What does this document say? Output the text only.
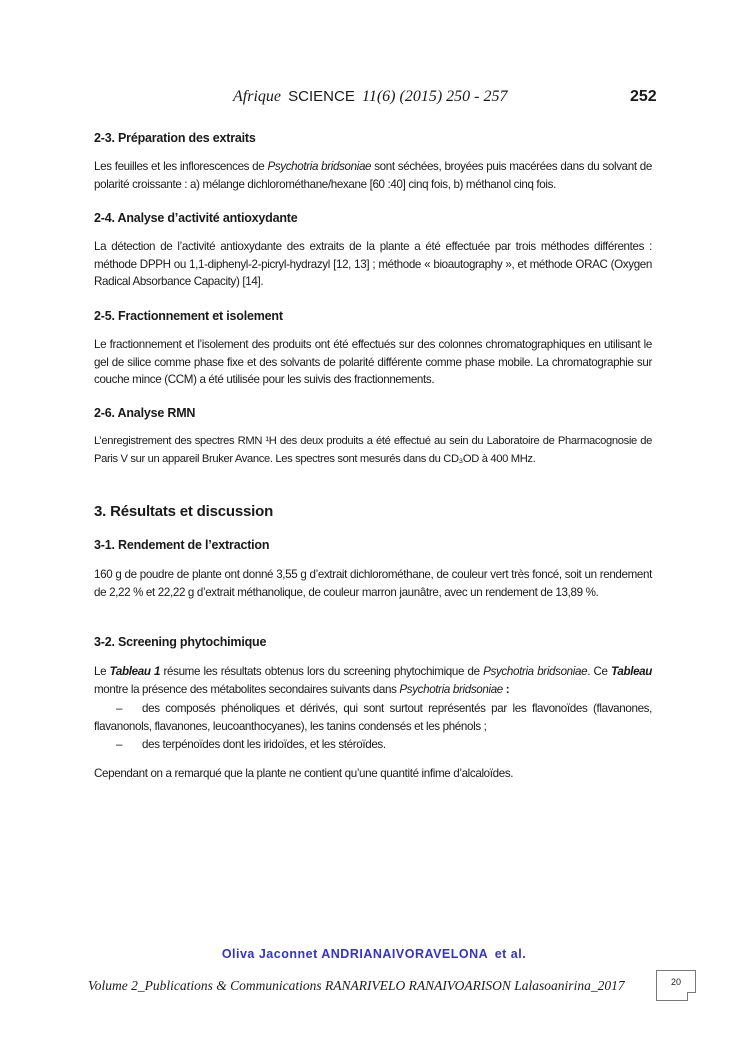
Afrique SCIENCE 11(6) (2015) 250 - 257	252
2-3. Préparation des extraits
Les feuilles et les inflorescences de Psychotria bridsoniae sont séchées, broyées puis macérées dans du solvant de polarité croissante : a) mélange dichlorométhane/hexane [60 :40] cinq fois, b) méthanol cinq fois.
2-4. Analyse d’activité antioxydante
La détection de l’activité antioxydante des extraits de la plante a été effectuée par trois méthodes différentes : méthode DPPH ou 1,1-diphenyl-2-picryl-hydrazyl [12, 13] ; méthode « bioautography », et méthode ORAC (Oxygen Radical Absorbance Capacity) [14].
2-5. Fractionnement et isolement
Le fractionnement et l’isolement des produits ont été effectués sur des colonnes chromatographiques en utilisant le gel de silice comme phase fixe et des solvants de polarité différente comme phase mobile. La chromatographie sur couche mince (CCM) a été utilisée pour les suivis des fractionnements.
2-6. Analyse RMN
L’enregistrement des spectres RMN ¹H des deux produits a été effectué au sein du Laboratoire de Pharmacognosie de Paris V sur un appareil Bruker Avance. Les spectres sont mesurés dans du CD₃OD à 400 MHz.
3. Résultats et discussion
3-1. Rendement de l’extraction
160 g de poudre de plante ont donné 3,55 g d’extrait dichlorométhane, de couleur vert très foncé, soit un rendement de 2,22 % et 22,22 g d’extrait méthanolique, de couleur marron jaunâtre, avec un rendement de 13,89 %.
3-2. Screening phytochimique
Le Tableau 1 résume les résultats obtenus lors du screening phytochimique de Psychotria bridsoniae. Ce Tableau montre la présence des métabolites secondaires suivants dans Psychotria bridsoniae :
– des composés phénoliques et dérivés, qui sont surtout représentés par les flavonoïdes (flavanones, flavanonols, flavanones, leucoanthocyanes), les tanins condensés et les phénols ;
– des terpénoïdes dont les iridoïdes, et les stéroïdes.
Cependant on a remarqué que la plante ne contient qu’une quantité infime d’alcaloïdes.
Oliva Jaconnet ANDRIANAIVORAVELONA et al.
Volume 2_Publications & Communications RANARIVELO RANAIVOARISON Lalasoanirina_2017	20
